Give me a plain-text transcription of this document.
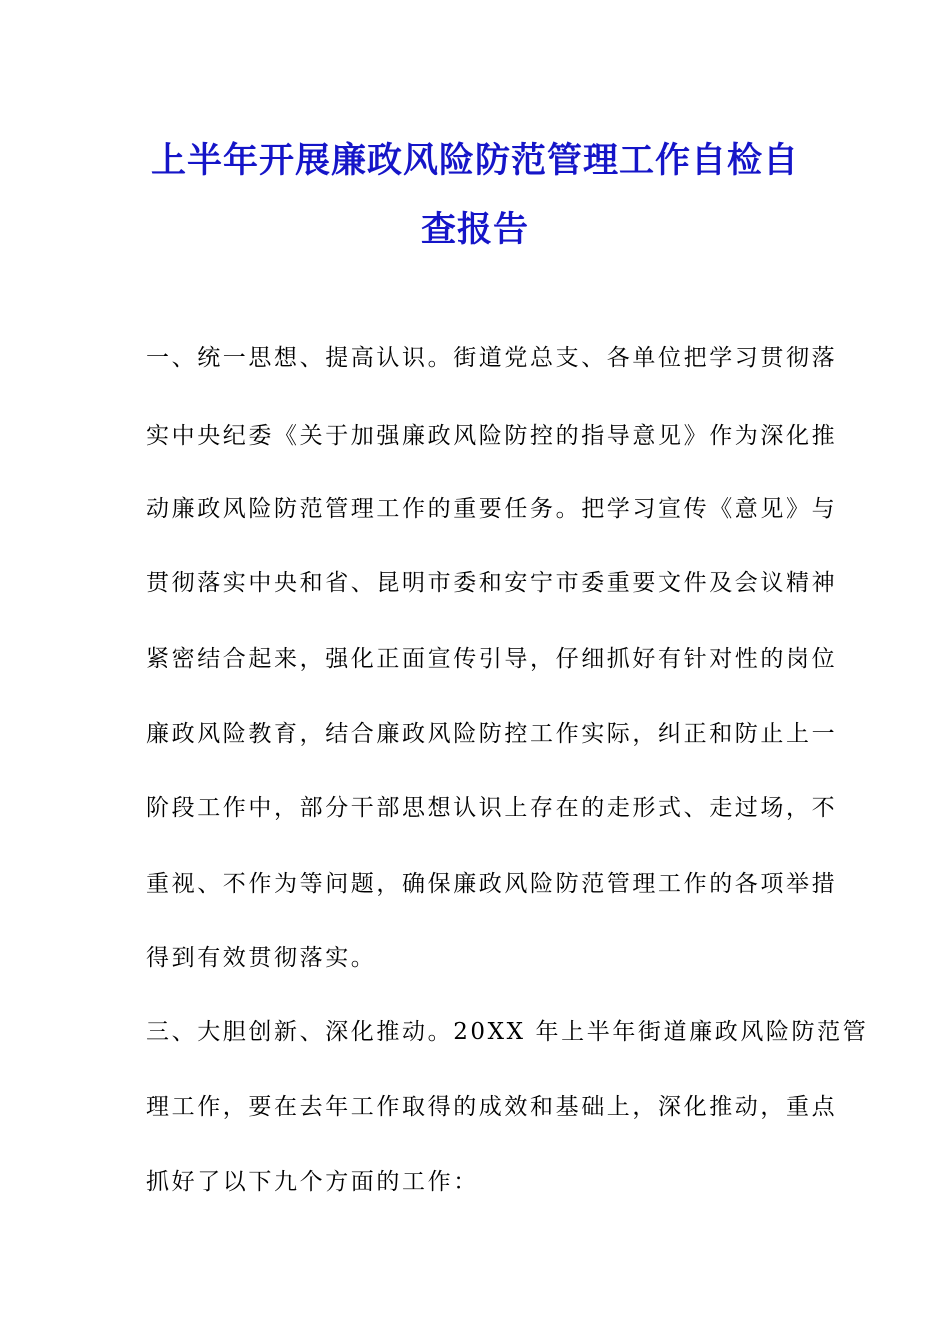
上半年开展廉政风险防范管理工作自检自
查报告
一、统一思想、提高认识。街道党总支、各单位把学习贯彻落
实中央纪委《关于加强廉政风险防控的指导意见》作为深化推
动廉政风险防范管理工作的重要任务。把学习宣传《意见》与
贯彻落实中央和省、昆明市委和安宁市委重要文件及会议精神
紧密结合起来，强化正面宣传引导，仔细抓好有针对性的岗位
廉政风险教育，结合廉政风险防控工作实际，纠正和防止上一
阶段工作中，部分干部思想认识上存在的走形式、走过场，不
重视、不作为等问题，确保廉政风险防范管理工作的各项举措
得到有效贯彻落实。
三、大胆创新、深化推动。20XX 年上半年街道廉政风险防范管
理工作，要在去年工作取得的成效和基础上，深化推动，重点
抓好了以下九个方面的工作：
